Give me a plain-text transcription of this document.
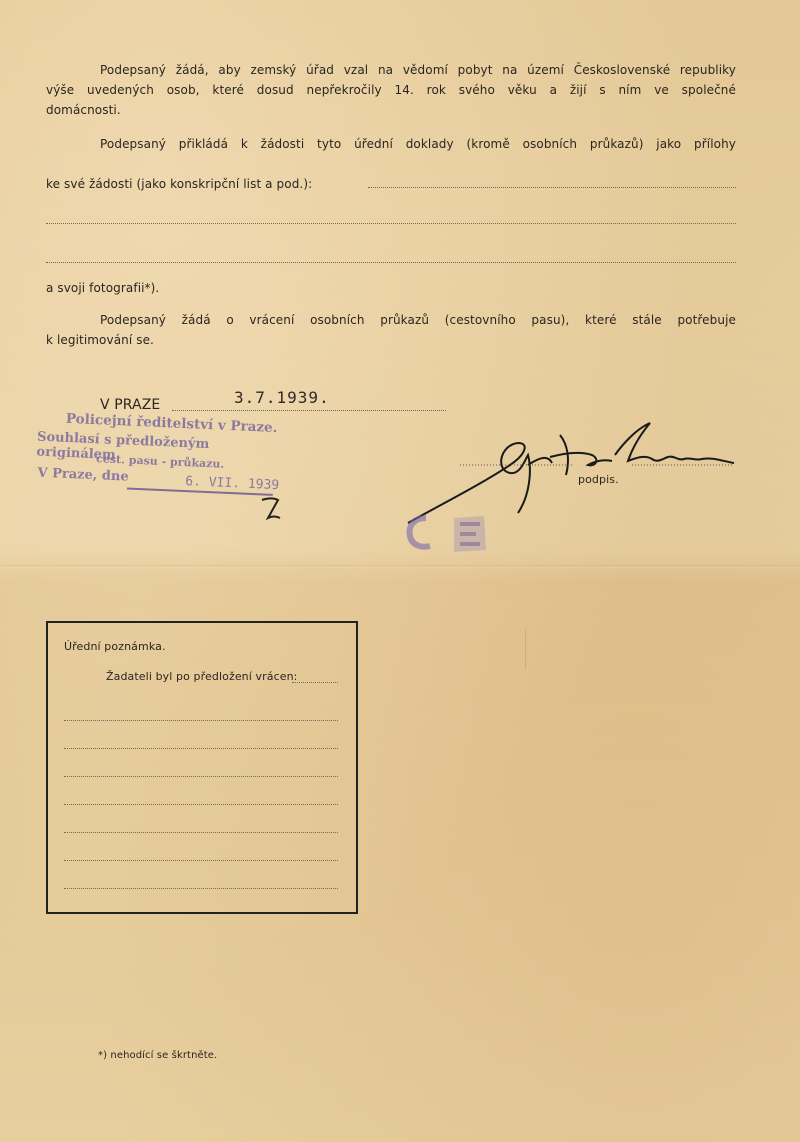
Podepsaný žádá, aby zemský úřad vzal na vědomí pobyt na území Československé republiky
výše uvedených osob, které dosud nepřekročily 14. rok svého věku a žijí s ním ve společné
domácnosti.
Podepsaný přikládá k žádosti tyto úřední doklady (kromě osobních průkazů) jako přílohy
ke své žádosti (jako konskripční list a pod.):
a svoji fotografii*).
Podepsaný žádá o vrácení osobních průkazů (cestovního pasu), které stále potřebuje
k legitimování se.
V PRAZE	3.7.1939.
Policejní ředitelství v Praze.
Souhlasí s předloženým originálem
cest. pasu - průkazu.
V Praze, dne	6. VII. 1939	podpis.
Úřední poznámka.
Žadateli byl po předložení vrácen:
*) nehodící se škrtněte.
